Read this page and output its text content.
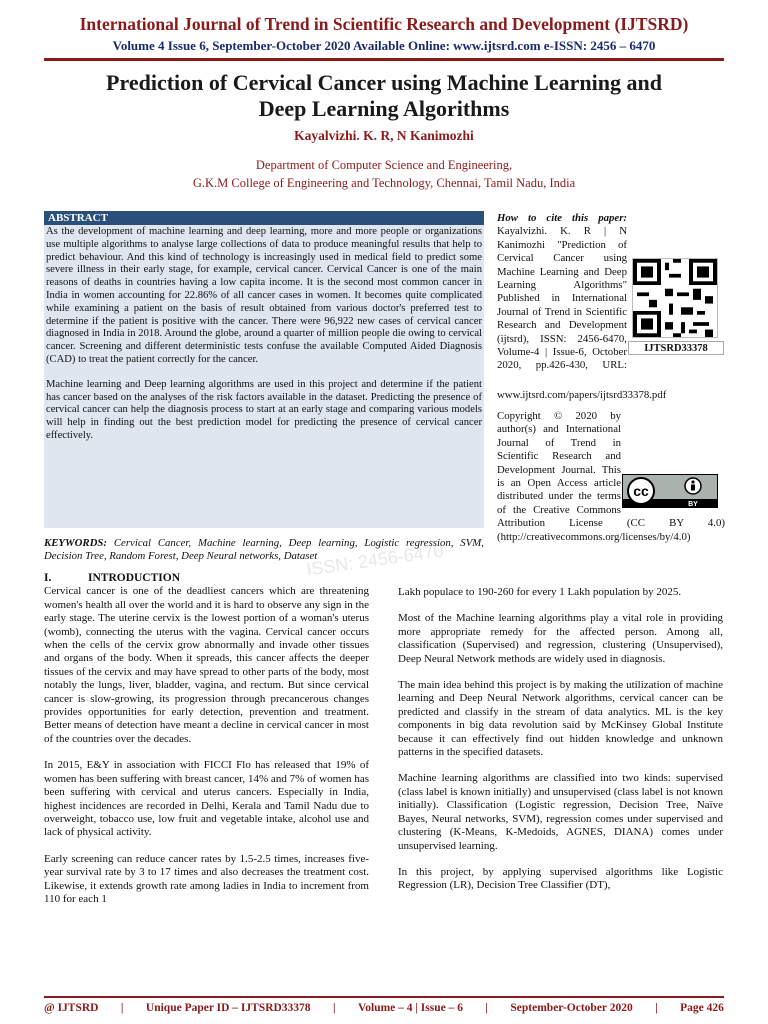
International Journal of Trend in Scientific Research and Development (IJTSRD)
Volume 4 Issue 6, September-October 2020 Available Online: www.ijtsrd.com e-ISSN: 2456 – 6470
Prediction of Cervical Cancer using Machine Learning and Deep Learning Algorithms
Kayalvizhi. K. R, N Kanimozhi
Department of Computer Science and Engineering,
G.K.M College of Engineering and Technology, Chennai, Tamil Nadu, India
ABSTRACT

As the development of machine learning and deep learning, more and more people or organizations use multiple algorithms to analyse large collections of data to produce meaningful results that help to predict behaviour. And this kind of technology is increasingly used in medical field to predict some severe illness in their early stage, for example, cervical cancer. Cervical Cancer is one of the main reasons of deaths in countries having a low capita income. It is the second most common cancer in India in women accounting for 22.86% of all cancer cases in women. It becomes quite complicated while examining a patient on the basis of result obtained from various doctor's preferred test to determine if the patient is positive with the cancer. There were 96,922 new cases of cervical cancer diagnosed in India in 2018. Around the globe, around a quarter of million people die owing to cervical cancer. Screening and different deterministic tests confuse the available Computed Aided Diagnosis (CAD) to treat the patient correctly for the cancer.

Machine learning and Deep learning algorithms are used in this project and determine if the patient has cancer based on the analyses of the risk factors available in the dataset. Predicting the presence of cervical cancer can help the diagnosis process to start at an early stage and comparing various models will help in finding out the best prediction model for predicting the presence of cervical cancer effectively.

KEYWORDS: Cervical Cancer, Machine learning, Deep learning, Logistic regression, SVM, Decision Tree, Random Forest, Deep Neural networks, Dataset
How to cite this paper: Kayalvizhi. K. R | N Kanimozhi "Prediction of Cervical Cancer using Machine Learning and Deep Learning Algorithms" Published in International Journal of Trend in Scientific Research and Development (ijtsrd), ISSN: 2456-6470, Volume-4 | Issue-6, October 2020, pp.426-430, URL: www.ijtsrd.com/papers/ijtsrd33378.pdf
IJTSRD33378
Copyright © 2020 by author(s) and International Journal of Trend in Scientific Research and Development Journal. This is an Open Access article distributed under the terms of the Creative Commons Attribution License (CC BY 4.0) (http://creativecommons.org/licenses/by/4.0)
cc
BY
ISSN: 2456-6470
I.	INTRODUCTION

Cervical cancer is one of the deadliest cancers which are threatening women's health all over the world and it is hard to observe any sign in the early stage. The uterine cervix is the lowest portion of a woman's uterus (womb), connecting the uterus with the vagina. Cervical cancer occurs when the cells of the cervix grow abnormally and invade other tissues and organs of the body. When it spreads, this cancer affects the deeper tissues of the cervix and may have spread to other parts of the body, most notably the lungs, liver, bladder, vagina, and rectum. But since cervical cancer is slow-growing, its progression through precancerous changes provides opportunities for early detection, prevention and treatment. Better means of detection have meant a decline in cervical cancer in most of the countries over the decades.

In 2015, E&Y in association with FICCI Flo has released that 19% of women has been suffering with breast cancer, 14% and 7% of women has been suffering with cervical and uterus cancers. Especially in India, highest incidences are recorded in Delhi, Kerala and Tamil Nadu due to overweight, tobacco use, low fruit and vegetable intake, alcohol use and lack of physical activity.

Early screening can reduce cancer rates by 1.5-2.5 times, increases five-year survival rate by 3 to 17 times and also decreases the treatment cost. Likewise, it extends growth rate among ladies in India to increment from 110 for each 1

Lakh populace to 190-260 for every 1 Lakh population by 2025.

Most of the Machine learning algorithms play a vital role in providing more appropriate remedy for the affected person. Among all, classification (Supervised) and regression, clustering (Unsupervised), Deep Neural Network methods are widely used in diagnosis.

The main idea behind this project is by making the utilization of machine learning and Deep Neural Network algorithms, cervical cancer can be predicted and classify in the stream of data analytics. ML is the key components in big data revolution said by McKinsey Global Institute because it can effectively find out hidden knowledge and unknown patterns in the specified datasets.

Machine learning algorithms are classified into two kinds: supervised (class label is known initially) and unsupervised (class label is not known initially). Classification (Logistic regression, Decision Tree, Naïve Bayes, Neural networks, SVM), regression comes under supervised and clustering (K-Means, K-Medoids, AGNES, DIANA) comes under unsupervised learning.

In this project, by applying supervised algorithms like Logistic Regression (LR), Decision Tree Classifier (DT),

@ IJTSRD | Unique Paper ID – IJTSRD33378 | Volume – 4 | Issue – 6 | September-October 2020 | Page 426
